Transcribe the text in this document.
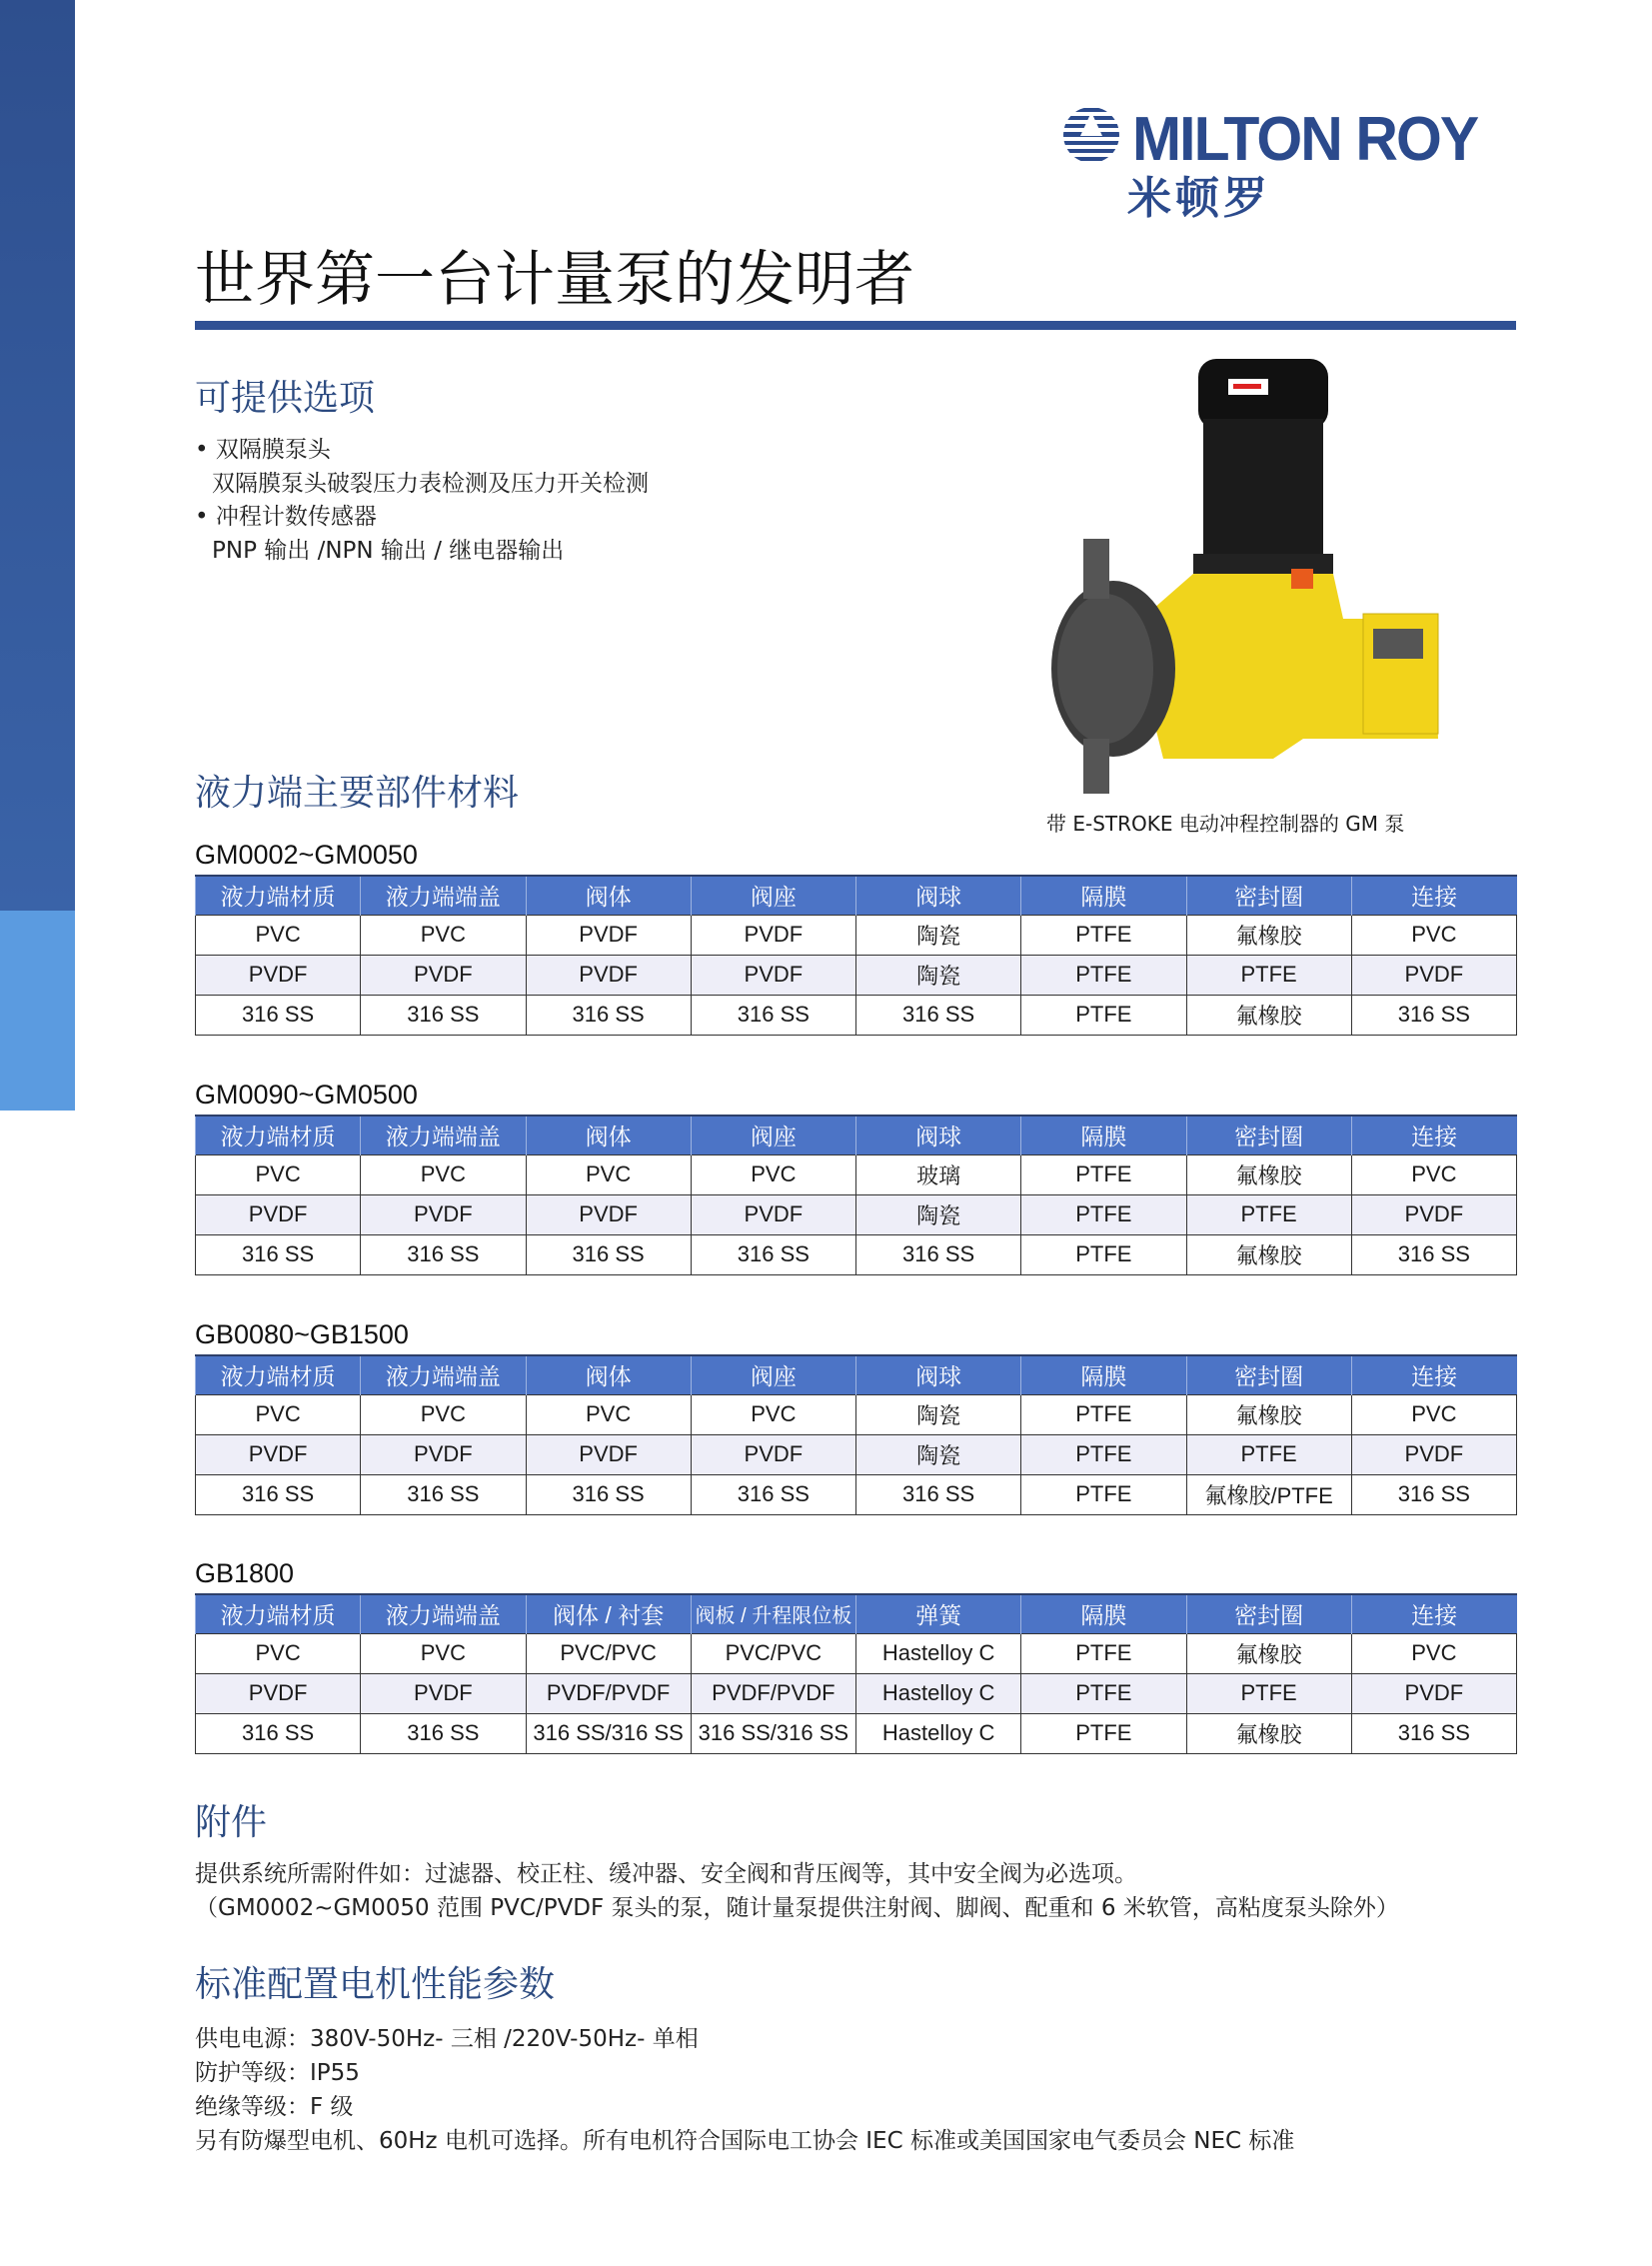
MILTON ROY
米顿罗
世界第一台计量泵的发明者
可提供选项
• 双隔膜泵头
双隔膜泵头破裂压力表检测及压力开关检测
• 冲程计数传感器
PNP 输出 /NPN 输出 / 继电器输出
带 E-STROKE 电动冲程控制器的 GM 泵
液力端主要部件材料
GM0002~GM0050
液力端材质	液力端端盖	阀体	阀座	阀球	隔膜	密封圈	连接
PVC	PVC	PVDF	PVDF	陶瓷	PTFE	氟橡胶	PVC
PVDF	PVDF	PVDF	PVDF	陶瓷	PTFE	PTFE	PVDF
316 SS	316 SS	316 SS	316 SS	316 SS	PTFE	氟橡胶	316 SS
GM0090~GM0500
液力端材质	液力端端盖	阀体	阀座	阀球	隔膜	密封圈	连接
PVC	PVC	PVC	PVC	玻璃	PTFE	氟橡胶	PVC
PVDF	PVDF	PVDF	PVDF	陶瓷	PTFE	PTFE	PVDF
316 SS	316 SS	316 SS	316 SS	316 SS	PTFE	氟橡胶	316 SS
GB0080~GB1500
液力端材质	液力端端盖	阀体	阀座	阀球	隔膜	密封圈	连接
PVC	PVC	PVC	PVC	陶瓷	PTFE	氟橡胶	PVC
PVDF	PVDF	PVDF	PVDF	陶瓷	PTFE	PTFE	PVDF
316 SS	316 SS	316 SS	316 SS	316 SS	PTFE	氟橡胶/PTFE	316 SS
GB1800
液力端材质	液力端端盖	阀体 / 衬套	阀板 / 升程限位板	弹簧	隔膜	密封圈	连接
PVC	PVC	PVC/PVC	PVC/PVC	Hastelloy C	PTFE	氟橡胶	PVC
PVDF	PVDF	PVDF/PVDF	PVDF/PVDF	Hastelloy C	PTFE	PTFE	PVDF
316 SS	316 SS	316 SS/316 SS	316 SS/316 SS	Hastelloy C	PTFE	氟橡胶	316 SS
附件
提供系统所需附件如：过滤器、校正柱、缓冲器、安全阀和背压阀等，其中安全阀为必选项。
（GM0002~GM0050 范围 PVC/PVDF 泵头的泵，随计量泵提供注射阀、脚阀、配重和 6 米软管，高粘度泵头除外）
标准配置电机性能参数
供电电源：380V-50Hz- 三相 /220V-50Hz- 单相
防护等级：IP55
绝缘等级：F 级
另有防爆型电机、60Hz 电机可选择。所有电机符合国际电工协会 IEC 标准或美国国家电气委员会 NEC 标准
